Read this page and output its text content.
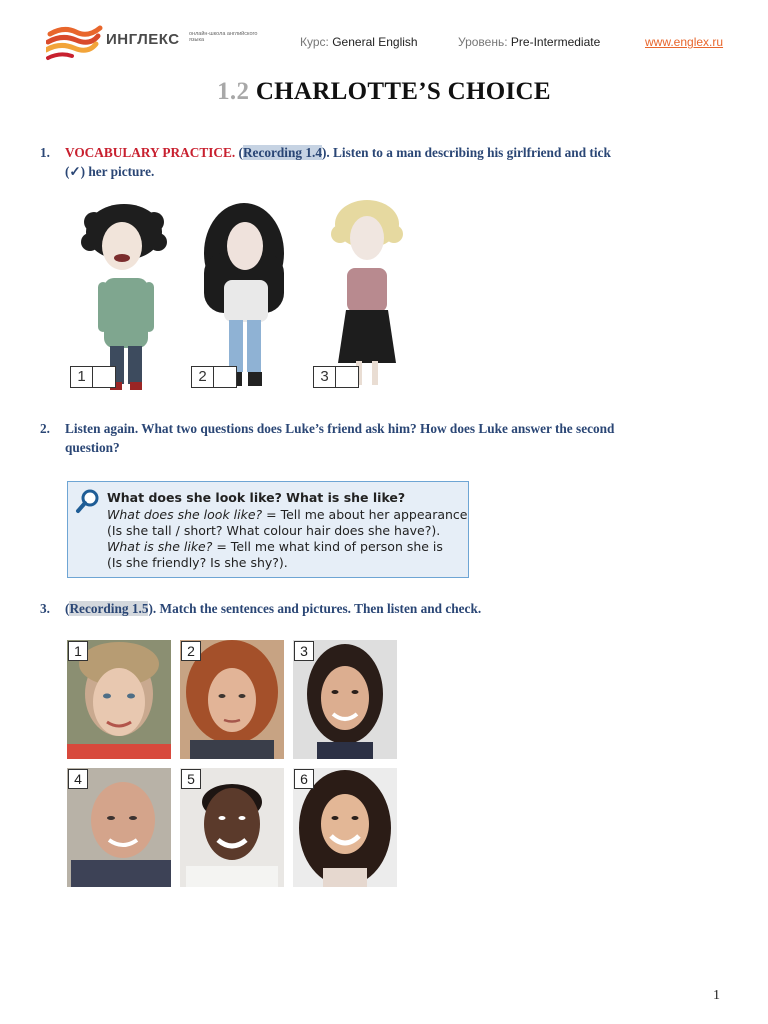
ИНГЛЕКС онлайн-школа английского языка	Курс: General English	Уровень: Pre-Intermediate	www.englex.ru
1.2 CHARLOTTE’S CHOICE
1. VOCABULARY PRACTICE. (Recording 1.4). Listen to a man describing his girlfriend and tick
(✓) her picture.
1	2	3
2. Listen again. What two questions does Luke’s friend ask him? How does Luke answer the second
question?
What does she look like? What is she like?
What does she look like? = Tell me about her appearance
(Is she tall / short? What colour hair does she have?).
What is she like? = Tell me what kind of person she is
(Is she friendly? Is she shy?).
3. (Recording 1.5). Match the sentences and pictures. Then listen and check.
1	2	3
4	5	6
1
